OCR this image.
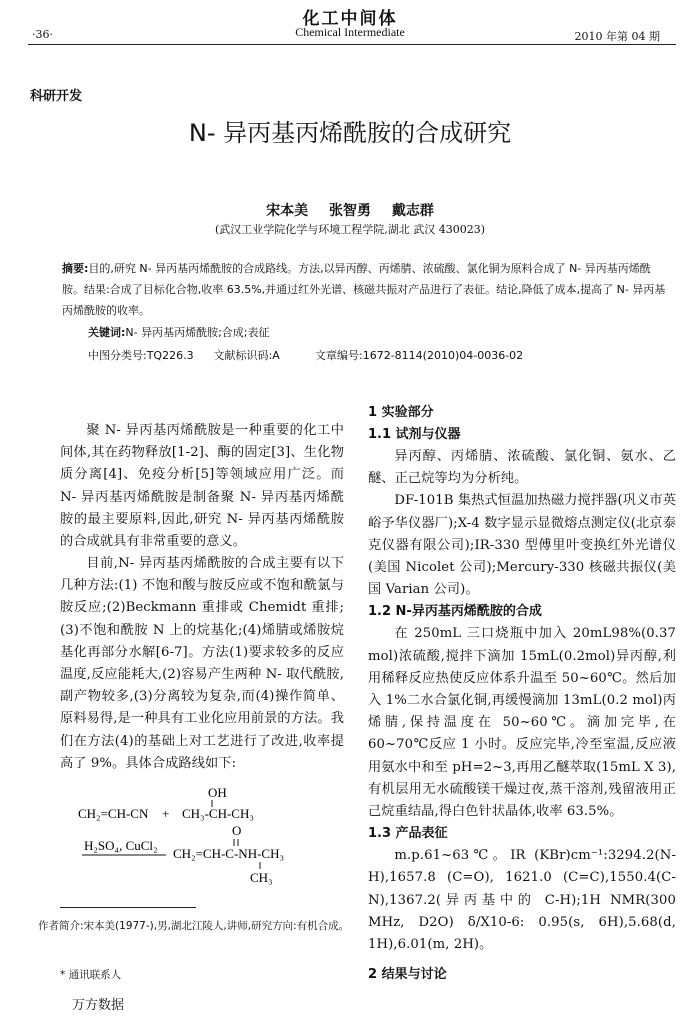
化工中间体
Chemical Intermediate
·36·	2010 年第 04 期
科研开发
N- 异丙基丙烯酰胺的合成研究
宋本美 张智勇 戴志群
(武汉工业学院化学与环境工程学院,湖北 武汉 430023)
摘要:目的,研究 N- 异丙基丙烯酰胺的合成路线。方法,以异丙醇、丙烯腈、浓硫酸、氯化铜为原料合成了 N- 异丙基丙烯酰胺。结果:合成了目标化合物,收率 63.5%,并通过红外光谱、核磁共振对产品进行了表征。结论,降低了成本,提高了 N- 异丙基丙烯酰胺的收率。
关键词:N- 异丙基丙烯酰胺;合成;表征
中图分类号:TQ226.3 文献标识码:A	文章编号:1672-8114(2010)04-0036-02
聚 N- 异丙基丙烯酰胺是一种重要的化工中间体,其在药物释放[1-2]、酶的固定[3]、生化物质分离[4]、免疫分析[5]等领域应用广泛。而 N- 异丙基丙烯酰胺是制备聚 N- 异丙基丙烯酰胺的最主要原料,因此,研究 N- 异丙基丙烯酰胺的合成就具有非常重要的意义。
目前,N- 异丙基丙烯酰胺的合成主要有以下几种方法:(1) 不饱和酸与胺反应或不饱和酰氯与胺反应;(2)Beckmann 重排或 Chemidt 重排;(3)不饱和酰胺 N 上的烷基化;(4)烯腈或烯胺烷基化再部分水解[6-7]。方法(1)要求较多的反应温度,反应能耗大,(2)容易产生两种 N- 取代酰胺,副产物较多,(3)分离较为复杂,而(4)操作简单、原料易得,是一种具有工业化应用前景的方法。我们在方法(4)的基础上对工艺进行了改进,收率提高了 9%。具体合成路线如下:
OH
CH₂=CH-CN + CH₃-CH-CH₃
H₂SO₄, CuCl₂
O
CH₂=CH-C-NH-CH₃
CH₃
作者简介:宋本美(1977-),男,湖北江陵人,讲师,研究方向:有机合成。
* 通讯联系人
万方数据
1 实验部分
1.1 试剂与仪器
异丙醇、丙烯腈、浓硫酸、氯化铜、氨水、乙醚、正己烷等均为分析纯。
DF-101B 集热式恒温加热磁力搅拌器(巩义市英峪予华仪器厂);X-4 数字显示显微熔点测定仪(北京泰克仪器有限公司);IR-330 型傅里叶变换红外光谱仪(美国 Nicolet 公司);Mercury-330 核磁共振仪(美国 Varian 公司)。
1.2 N-异丙基丙烯酰胺的合成
在 250mL 三口烧瓶中加入 20mL98%(0.37 mol)浓硫酸,搅拌下滴加 15mL(0.2mol)异丙醇,利用稀释反应热使反应体系升温至 50~60℃。然后加入 1%二水合氯化铜,再缓慢滴加 13mL(0.2 mol)丙烯腈,保持温度在 50~60℃。滴加完毕,在 60~70℃反应 1 小时。反应完毕,冷至室温,反应液用氨水中和至 pH=2~3,再用乙醚萃取(15mL X 3),有机层用无水硫酸镁干燥过夜,蒸干溶剂,残留液用正己烷重结晶,得白色针状晶体,收率 63.5%。
1.3 产品表征
m.p.61~63℃。IR (KBr)cm⁻¹:3294.2(N-H),1657.8 (C=O), 1621.0 (C=C),1550.4(C-N),1367.2(异丙基中的 C-H);1H NMR(300 MHz, D2O) δ/X10-6: 0.95(s, 6H),5.68(d, 1H),6.01(m, 2H)。
2 结果与讨论
